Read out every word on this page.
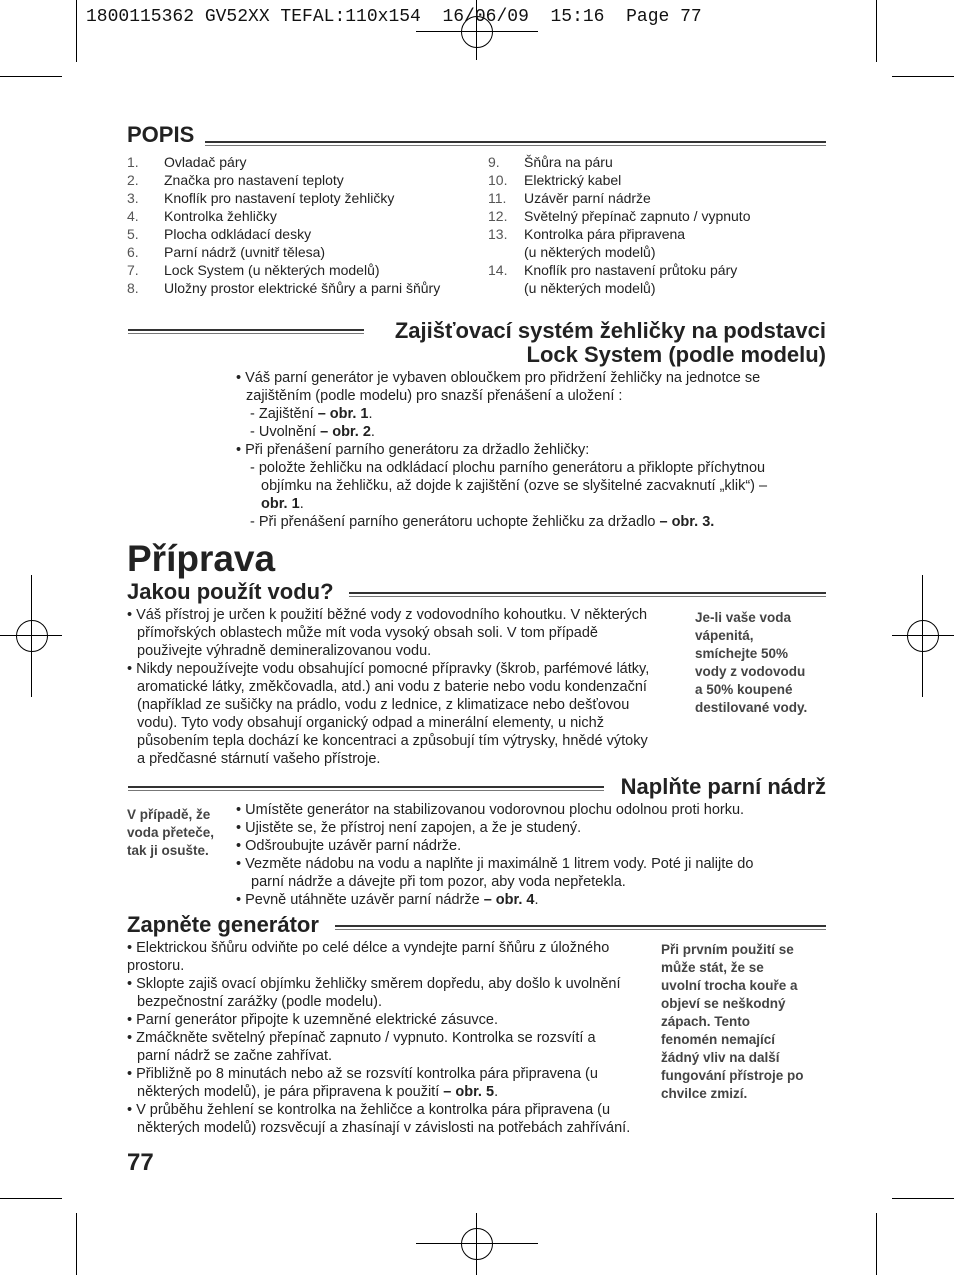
1800115362 GV52XX TEFAL:110x154  16/06/09  15:16  Page 77
POPIS
1. Ovladač páry
2. Značka pro nastavení teploty
3. Knoflík pro nastavení teploty žehličky
4. Kontrolka žehličky
5. Plocha odkládací desky
6. Parní nádrž (uvnitř tělesa)
7. Lock System (u některých modelů)
8. Uložny prostor elektrické šňůry a parni šňůry
9. Šňůra na páru
10. Elektrický kabel
11. Uzávěr parní nádrže
12. Světelný přepínač zapnuto / vypnuto
13. Kontrolka pára připravena
(u některých modelů)
14. Knoflík pro nastavení průtoku páry
(u některých modelů)
Zajišťovací systém žehličky na podstavci
Lock System (podle modelu)
• Váš parní generátor je vybaven obloučkem pro přidržení žehličky na jednotce se
zajištěním (podle modelu) pro snazší přenášení a uložení :
- Zajištění – obr. 1.
- Uvolnění – obr. 2.
• Při přenášení parního generátoru za držadlo žehličky:
- položte žehličku na odkládací plochu parního generátoru a přiklopte příchytnou
objímku na žehličku, až dojde k zajištění (ozve se slyšitelné zacvaknutí „klik“) –
obr. 1.
- Při přenášení parního generátoru uchopte žehličku za držadlo – obr. 3.
Příprava
Jakou použít vodu?
• Váš přístroj je určen k použití běžné vody z vodovodního kohoutku. V některých
přímořských oblastech může mít voda vysoký obsah soli. V tom případě
použivejte výhradně demineralizovanou vodu.
• Nikdy nepoužívejte vodu obsahující pomocné přípravky (škrob, parfémové látky,
aromatické látky, změkčovadla, atd.) ani vodu z baterie nebo vodu kondenzační
(například ze sušičky na prádlo, vodu z lednice, z klimatizace nebo dešťovou
vodu). Tyto vody obsahují organický odpad a minerální elementy, u nichž
působením tepla dochází ke koncentraci a způsobují tím výtrysky, hnědé výtoky
a předčasné stárnutí vašeho přístroje.
Je-li vaše voda
vápenitá,
smíchejte 50%
vody z vodovodu
a 50% koupené
destilované vody.
Naplňte parní nádrž
V případě, že
voda přeteče,
tak ji osušte.
• Umístěte generátor na stabilizovanou vodorovnou plochu odolnou proti horku.
• Ujistěte se, že přístroj není zapojen, a že je studený.
• Odšroubujte uzávěr parní nádrže.
• Vezměte nádobu na vodu a naplňte ji maximálně 1 litrem vody. Poté ji nalijte do
parní nádrže a dávejte při tom pozor, aby voda nepřetekla.
• Pevně utáhněte uzávěr parní nádrže – obr. 4.
Zapněte generátor
• Elektrickou šňůru odviňte po celé délce a vyndejte parní šňůru z úložného
prostoru.
• Sklopte zajiš ovací objímku žehličky směrem dopředu, aby došlo k uvolnění
bezpečnostní zarážky (podle modelu).
• Parní generátor připojte k uzemněné elektrické zásuvce.
• Zmáčkněte světelný přepínač zapnuto / vypnuto. Kontrolka se rozsvítí a
parní nádrž se začne zahřívat.
• Přibližně po 8 minutách nebo až se rozsvítí kontrolka pára připravena (u
některých modelů), je pára připravena k použití – obr. 5.
• V průběhu žehlení se kontrolka na žehličce a kontrolka pára připravena (u
některých modelů) rozsvěcují a zhasínají v závislosti na potřebách zahřívání.
Při prvním použití se
může stát, že se
uvolní trocha kouře a
objeví se neškodný
zápach. Tento
fenomén nemající
žádný vliv na další
fungování přístroje po
chvilce zmizí.
77
